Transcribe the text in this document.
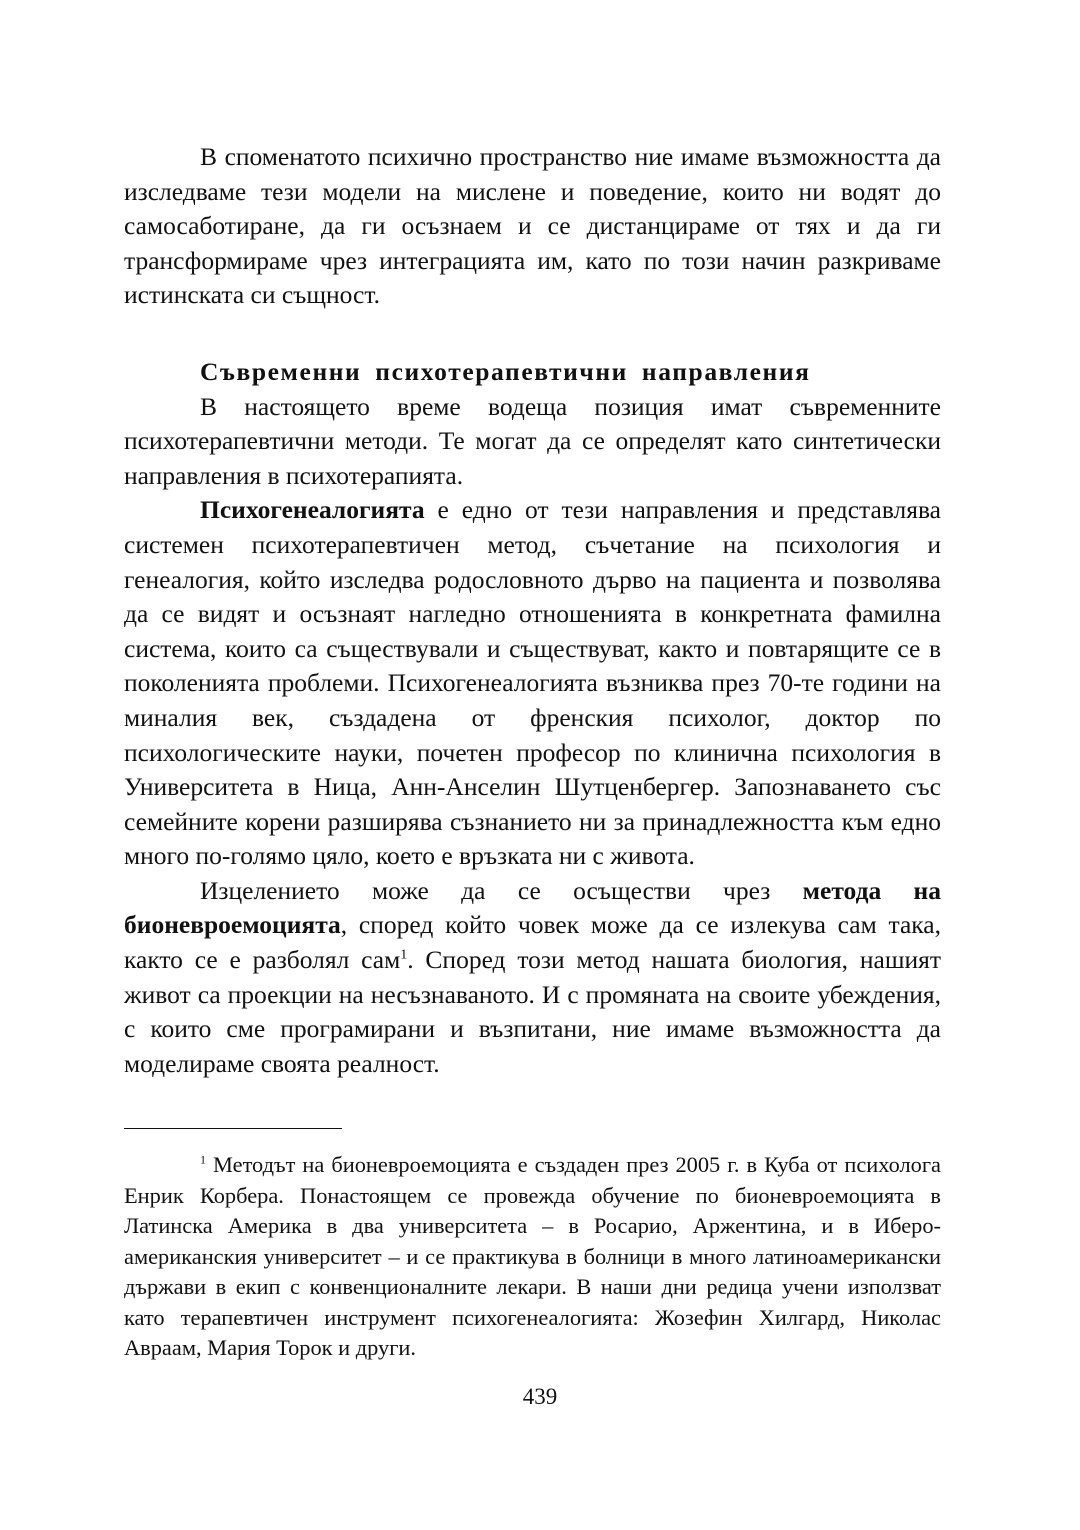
В споменатото психично пространство ние имаме възможността да изследваме тези модели на мислене и поведение, които ни водят до самосаботиране, да ги осъзнаем и се дистанцираме от тях и да ги трансформираме чрез интеграцията им, като по този начин разкриваме истинската си същност.

Съвременни психотерапевтични направления

В настоящето време водеща позиция имат съвременните психотерапевтични методи. Те могат да се определят като синтетически направления в психотерапията.

Психогенеалогията е едно от тези направления и представлява системен психотерапевтичен метод, съчетание на психология и генеалогия, който изследва родословното дърво на пациента и позволява да се видят и осъзнаят нагледно отношенията в конкретната фамилна система, които са съществували и съществуват, както и повтарящите се в поколенията проблеми. Психогенеалогията възниква през 70-те години на миналия век, създадена от френския психолог, доктор по психологическите науки, почетен професор по клинична психология в Университета в Ница, Анн-Анселин Шутценбергер. Запознаването със семейните корени разширява съзнанието ни за принадлежността към едно много по-голямо цяло, което е връзката ни с живота.

Изцелението може да се осъществи чрез метода на бионевроемоцията, според който човек може да се излекува сам така, както се е разболял сам$^1$. Според този метод нашата биология, нашият живот са проекции на несъзнаваното. И с промяната на своите убеждения, с които сме програмирани и възпитани, ние имаме възможността да моделираме своята реалност.

$^1$ Методът на бионевроемоцията е създаден през 2005 г. в Куба от психолога Енрик Корбера. Понастоящем се провежда обучение по бионевроемоцията в Латинска Америка в два университета – в Росарио, Аржентина, и в Иберо-американския университет – и се практикува в болници в много латиноамерикански държави в екип с конвенционалните лекари. В наши дни редица учени използват като терапевтичен инструмент психогенеалогията: Жозефин Хилгард, Николас Авраам, Мария Торок и други.

439
